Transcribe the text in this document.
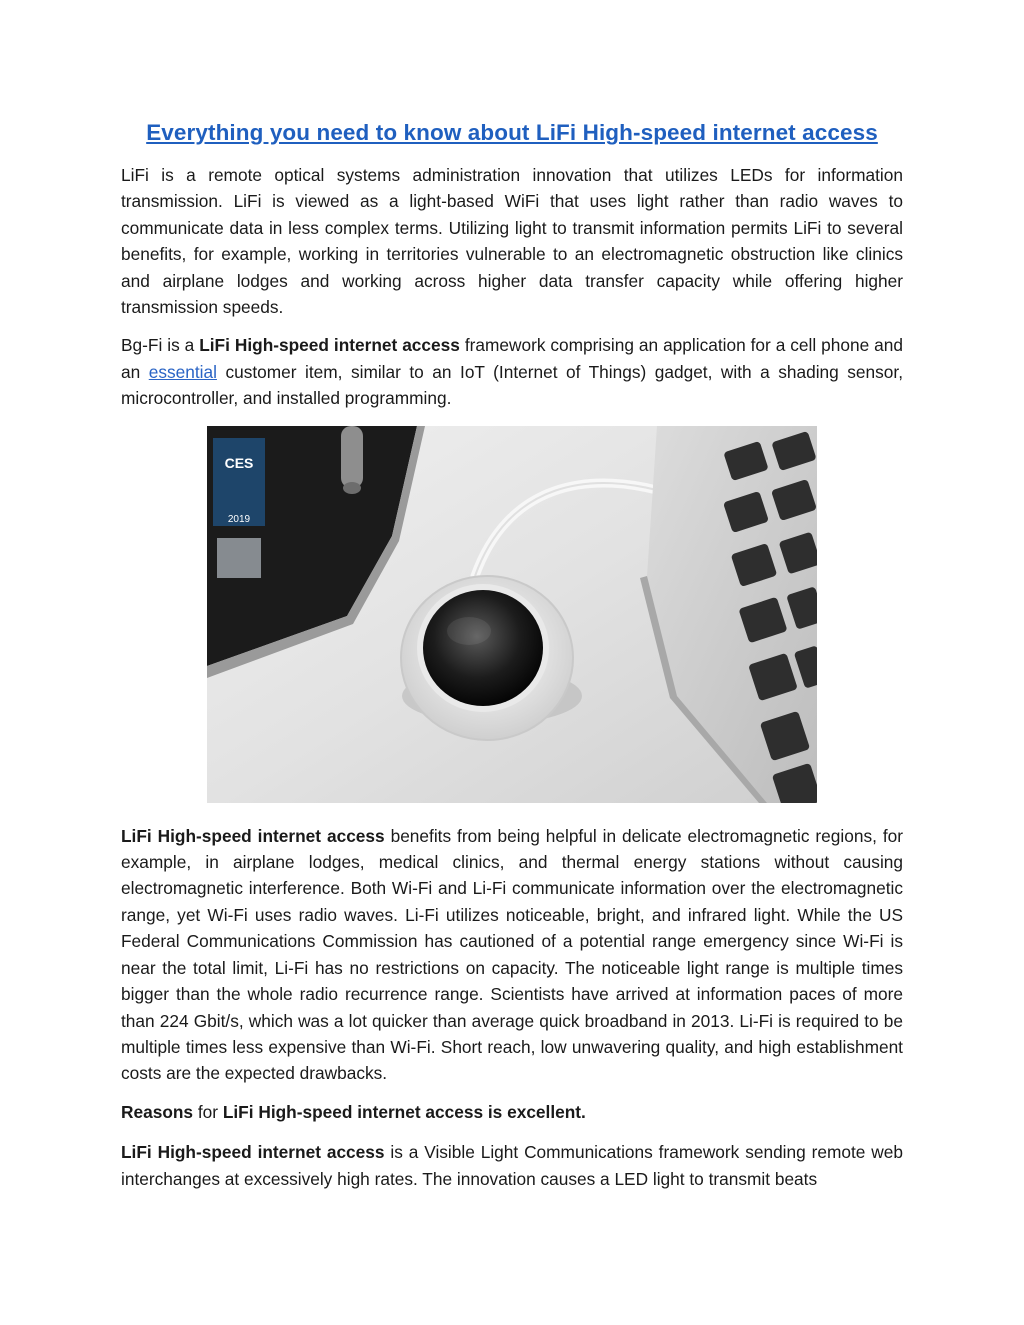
Everything you need to know about LiFi High-speed internet access

LiFi is a remote optical systems administration innovation that utilizes LEDs for information transmission. LiFi is viewed as a light-based WiFi that uses light rather than radio waves to communicate data in less complex terms. Utilizing light to transmit information permits LiFi to several benefits, for example, working in territories vulnerable to an electromagnetic obstruction like clinics and airplane lodges and working across higher data transfer capacity while offering higher transmission speeds.

Bg-Fi is a LiFi High-speed internet access framework comprising an application for a cell phone and an essential customer item, similar to an IoT (Internet of Things) gadget, with a shading sensor, microcontroller, and installed programming.

CES
2019

LiFi High-speed internet access benefits from being helpful in delicate electromagnetic regions, for example, in airplane lodges, medical clinics, and thermal energy stations without causing electromagnetic interference. Both Wi-Fi and Li-Fi communicate information over the electromagnetic range, yet Wi-Fi uses radio waves. Li-Fi utilizes noticeable, bright, and infrared light. While the US Federal Communications Commission has cautioned of a potential range emergency since Wi-Fi is near the total limit, Li-Fi has no restrictions on capacity. The noticeable light range is multiple times bigger than the whole radio recurrence range. Scientists have arrived at information paces of more than 224 Gbit/s, which was a lot quicker than average quick broadband in 2013. Li-Fi is required to be multiple times less expensive than Wi-Fi. Short reach, low unwavering quality, and high establishment costs are the expected drawbacks.

Reasons for LiFi High-speed internet access is excellent.

LiFi High-speed internet access is a Visible Light Communications framework sending remote web interchanges at excessively high rates. The innovation causes a LED light to transmit beats
